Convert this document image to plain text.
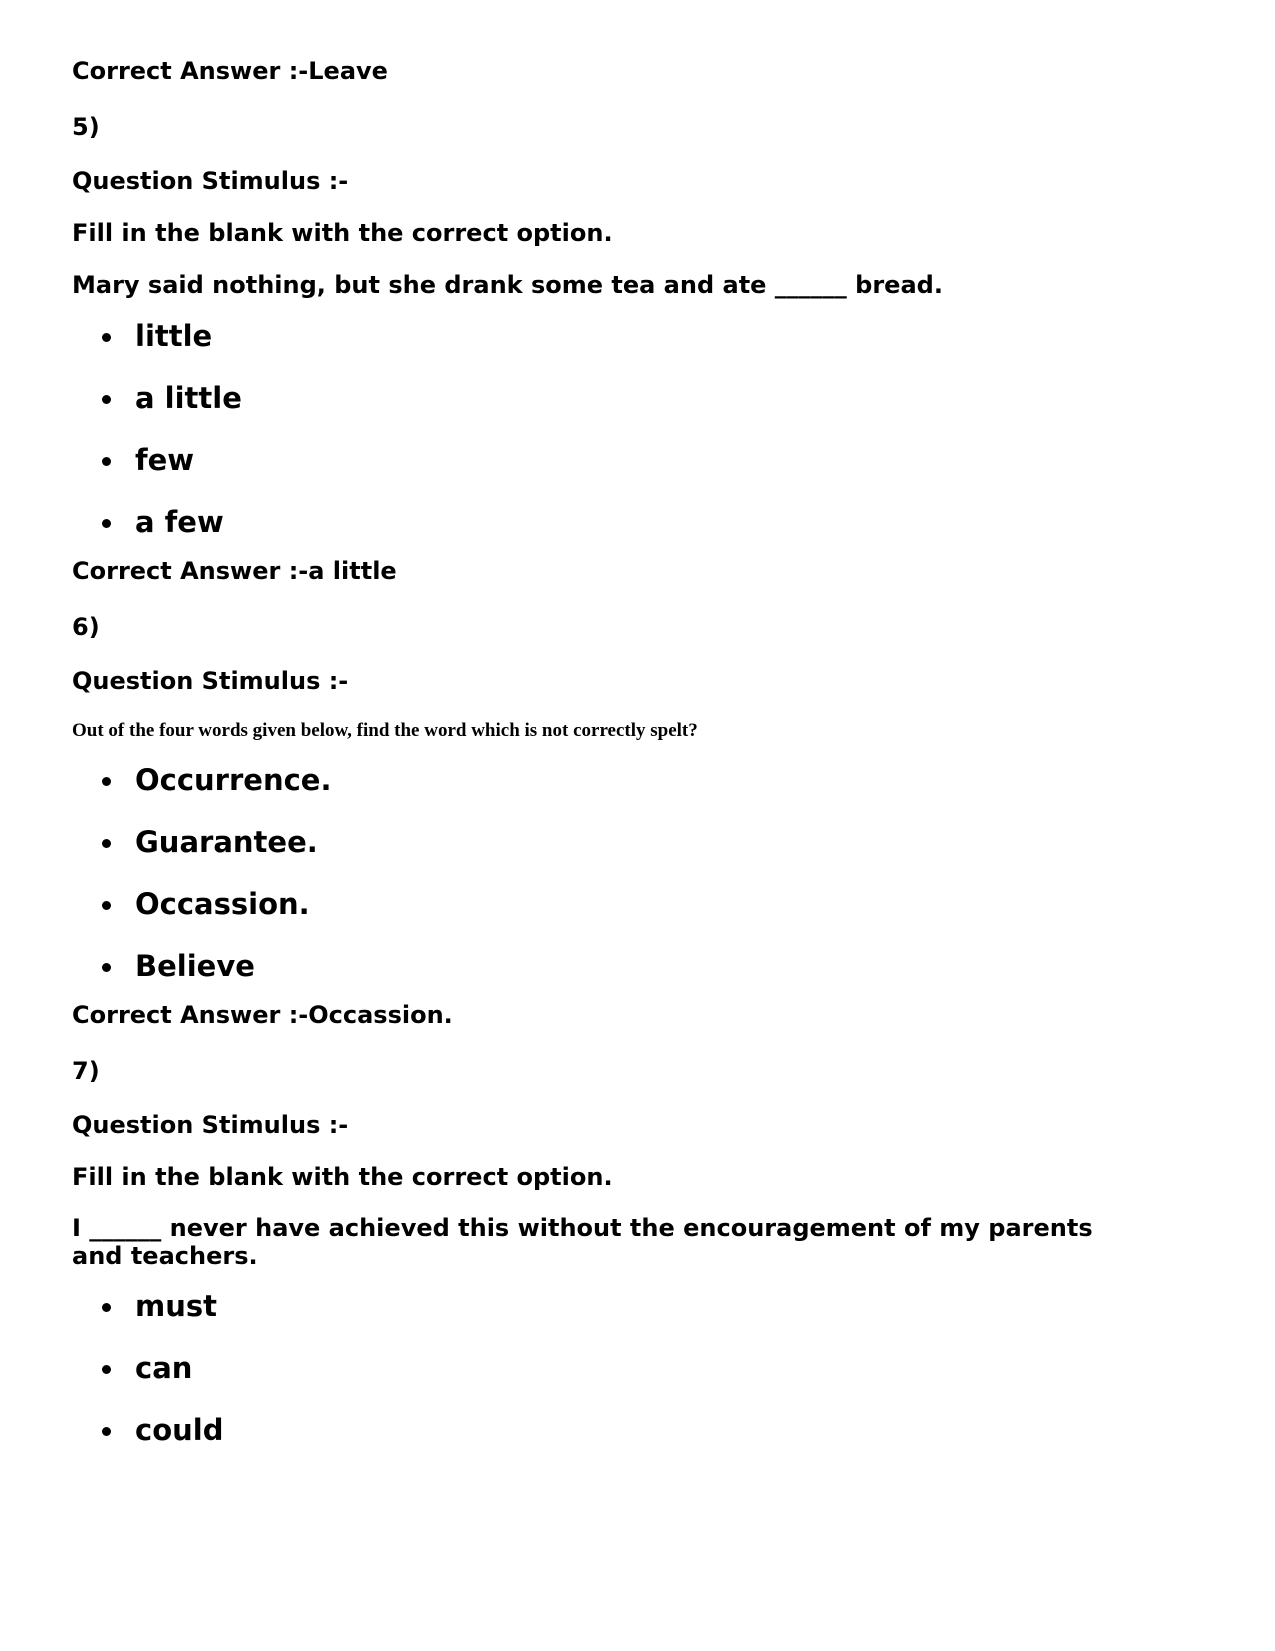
Correct Answer :-Leave

5)

Question Stimulus :-

Fill in the blank with the correct option.

Mary said nothing, but she drank some tea and ate ______ bread.

little
a little
few
a few

Correct Answer :-a little

6)

Question Stimulus :-

Out of the four words given below, find the word which is not correctly spelt?

Occurrence.
Guarantee.
Occassion.
Believe

Correct Answer :-Occassion.

7)

Question Stimulus :-

Fill in the blank with the correct option.

I ______ never have achieved this without the encouragement of my parents and teachers.

must
can
could
